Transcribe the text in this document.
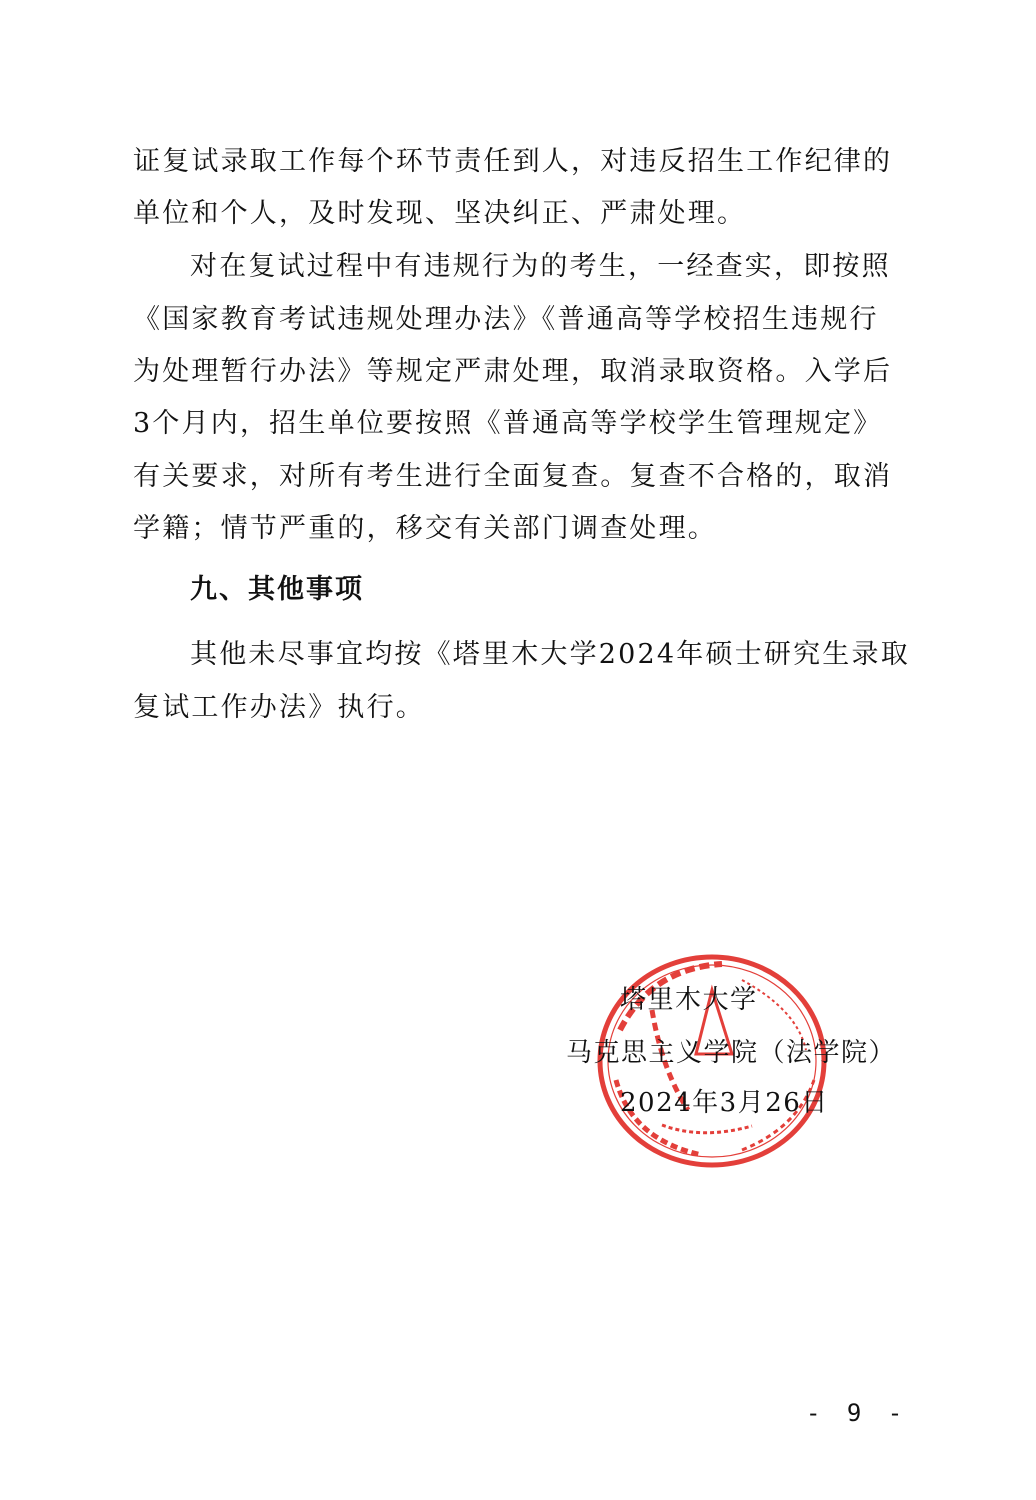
证复试录取工作每个环节责任到人，对违反招生工作纪律的
单位和个人，及时发现、坚决纠正、严肃处理。
对在复试过程中有违规行为的考生，一经查实，即按照
《国家教育考试违规处理办法》《普通高等学校招生违规行
为处理暂行办法》等规定严肃处理，取消录取资格。入学后
3个月内，招生单位要按照《普通高等学校学生管理规定》
有关要求，对所有考生进行全面复查。复查不合格的，取消
学籍；情节严重的，移交有关部门调查处理。
九、其他事项
其他未尽事宜均按《塔里木大学2024年硕士研究生录取
复试工作办法》执行。
塔里木大学
马克思主义学院（法学院）
2024年3月26日
- 9 -
